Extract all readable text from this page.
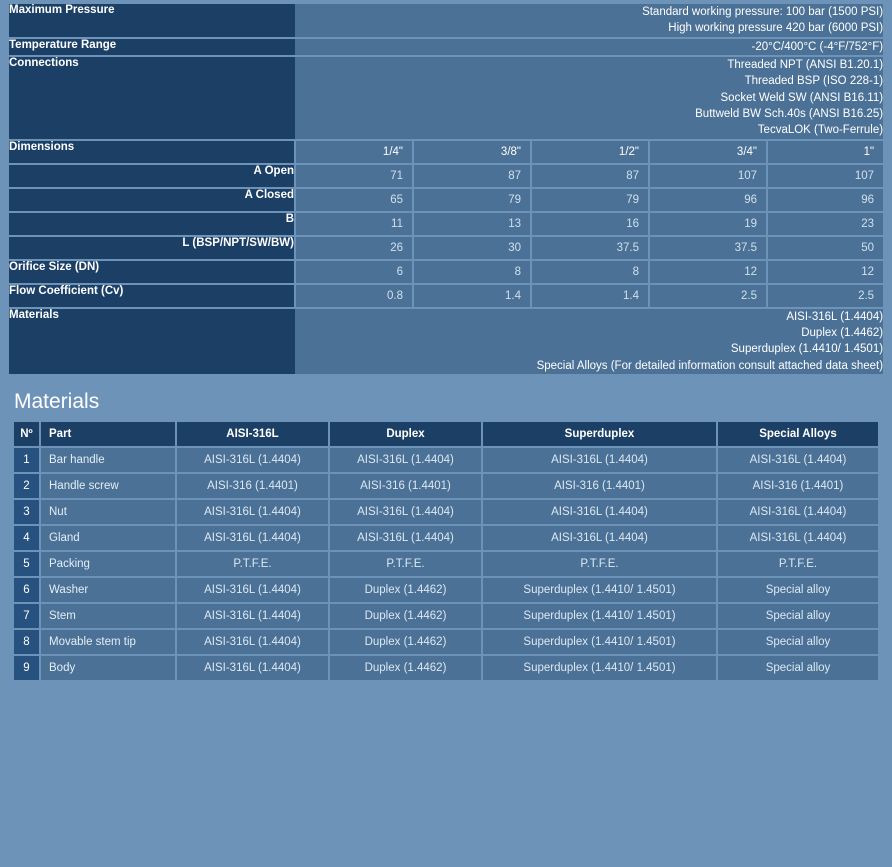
Maximum Pressure	Standard working pressure: 100 bar (1500 PSI)
High working pressure 420 bar (6000 PSI)				

Temperature Range	-20°C/400°C (-4°F/752°F)				

Connections	Threaded NPT (ANSI B1.20.1)
Threaded BSP (ISO 228-1)
Socket Weld SW (ANSI B16.11)
Buttweld BW Sch.40s (ANSI B16.25)
TecvaLOK (Two-Ferrule)				

Dimensions	1/4"	3/8"	1/2"	3/4"	1"
A Open	71	87	87	107	107
A Closed	65	79	79	96	96
B	11	13	16	19	23
L (BSP/NPT/SW/BW)	26	30	37.5	37.5	50
Orifice Size (DN)	6	8	8	12	12
Flow Coefficient (Cv)	0.8	1.4	1.4	2.5	2.5
Materials	AISI-316L (1.4404)
Duplex (1.4462)
Superduplex (1.4410/ 1.4501)
Special Alloys (For detailed information consult attached data sheet)				
Materials
Nº	Part	AISI-316L	Duplex	Superduplex	Special Alloys
1	Bar handle	AISI-316L (1.4404)	AISI-316L (1.4404)	AISI-316L (1.4404)	AISI-316L (1.4404)
2	Handle screw	AISI-316 (1.4401)	AISI-316 (1.4401)	AISI-316 (1.4401)	AISI-316 (1.4401)
3	Nut	AISI-316L (1.4404)	AISI-316L (1.4404)	AISI-316L (1.4404)	AISI-316L (1.4404)
4	Gland	AISI-316L (1.4404)	AISI-316L (1.4404)	AISI-316L (1.4404)	AISI-316L (1.4404)
5	Packing	P.T.F.E.	P.T.F.E.	P.T.F.E.	P.T.F.E.
6	Washer	AISI-316L (1.4404)	Duplex (1.4462)	Superduplex (1.4410/ 1.4501)	Special alloy
7	Stem	AISI-316L (1.4404)	Duplex (1.4462)	Superduplex (1.4410/ 1.4501)	Special alloy
8	Movable stem tip	AISI-316L (1.4404)	Duplex (1.4462)	Superduplex (1.4410/ 1.4501)	Special alloy
9	Body	AISI-316L (1.4404)	Duplex (1.4462)	Superduplex (1.4410/ 1.4501)	Special alloy
